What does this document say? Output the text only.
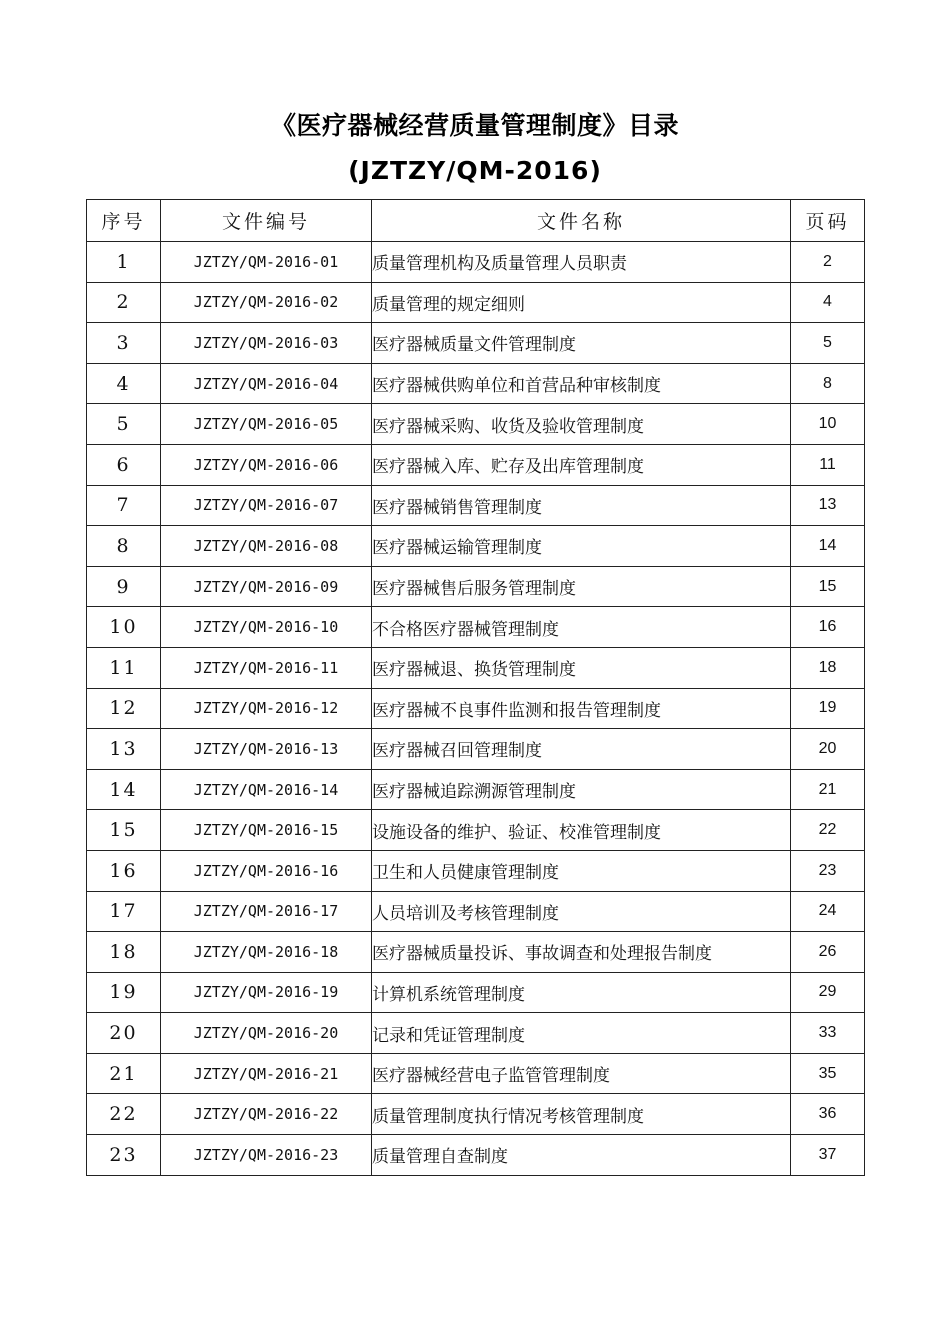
《医疗器械经营质量管理制度》目录
(JZTZY/QM-2016)
序号	文件编号	文件名称	页码
1	JZTZY/QM-2016-01	质量管理机构及质量管理人员职责	2
2	JZTZY/QM-2016-02	质量管理的规定细则	4
3	JZTZY/QM-2016-03	医疗器械质量文件管理制度	5
4	JZTZY/QM-2016-04	医疗器械供购单位和首营品种审核制度	8
5	JZTZY/QM-2016-05	医疗器械采购、收货及验收管理制度	10
6	JZTZY/QM-2016-06	医疗器械入库、贮存及出库管理制度	11
7	JZTZY/QM-2016-07	医疗器械销售管理制度	13
8	JZTZY/QM-2016-08	医疗器械运输管理制度	14
9	JZTZY/QM-2016-09	医疗器械售后服务管理制度	15
10	JZTZY/QM-2016-10	不合格医疗器械管理制度	16
11	JZTZY/QM-2016-11	医疗器械退、换货管理制度	18
12	JZTZY/QM-2016-12	医疗器械不良事件监测和报告管理制度	19
13	JZTZY/QM-2016-13	医疗器械召回管理制度	20
14	JZTZY/QM-2016-14	医疗器械追踪溯源管理制度	21
15	JZTZY/QM-2016-15	设施设备的维护、验证、校准管理制度	22
16	JZTZY/QM-2016-16	卫生和人员健康管理制度	23
17	JZTZY/QM-2016-17	人员培训及考核管理制度	24
18	JZTZY/QM-2016-18	医疗器械质量投诉、事故调查和处理报告制度	26
19	JZTZY/QM-2016-19	计算机系统管理制度	29
20	JZTZY/QM-2016-20	记录和凭证管理制度	33
21	JZTZY/QM-2016-21	医疗器械经营电子监管管理制度	35
22	JZTZY/QM-2016-22	质量管理制度执行情况考核管理制度	36
23	JZTZY/QM-2016-23	质量管理自查制度	37
